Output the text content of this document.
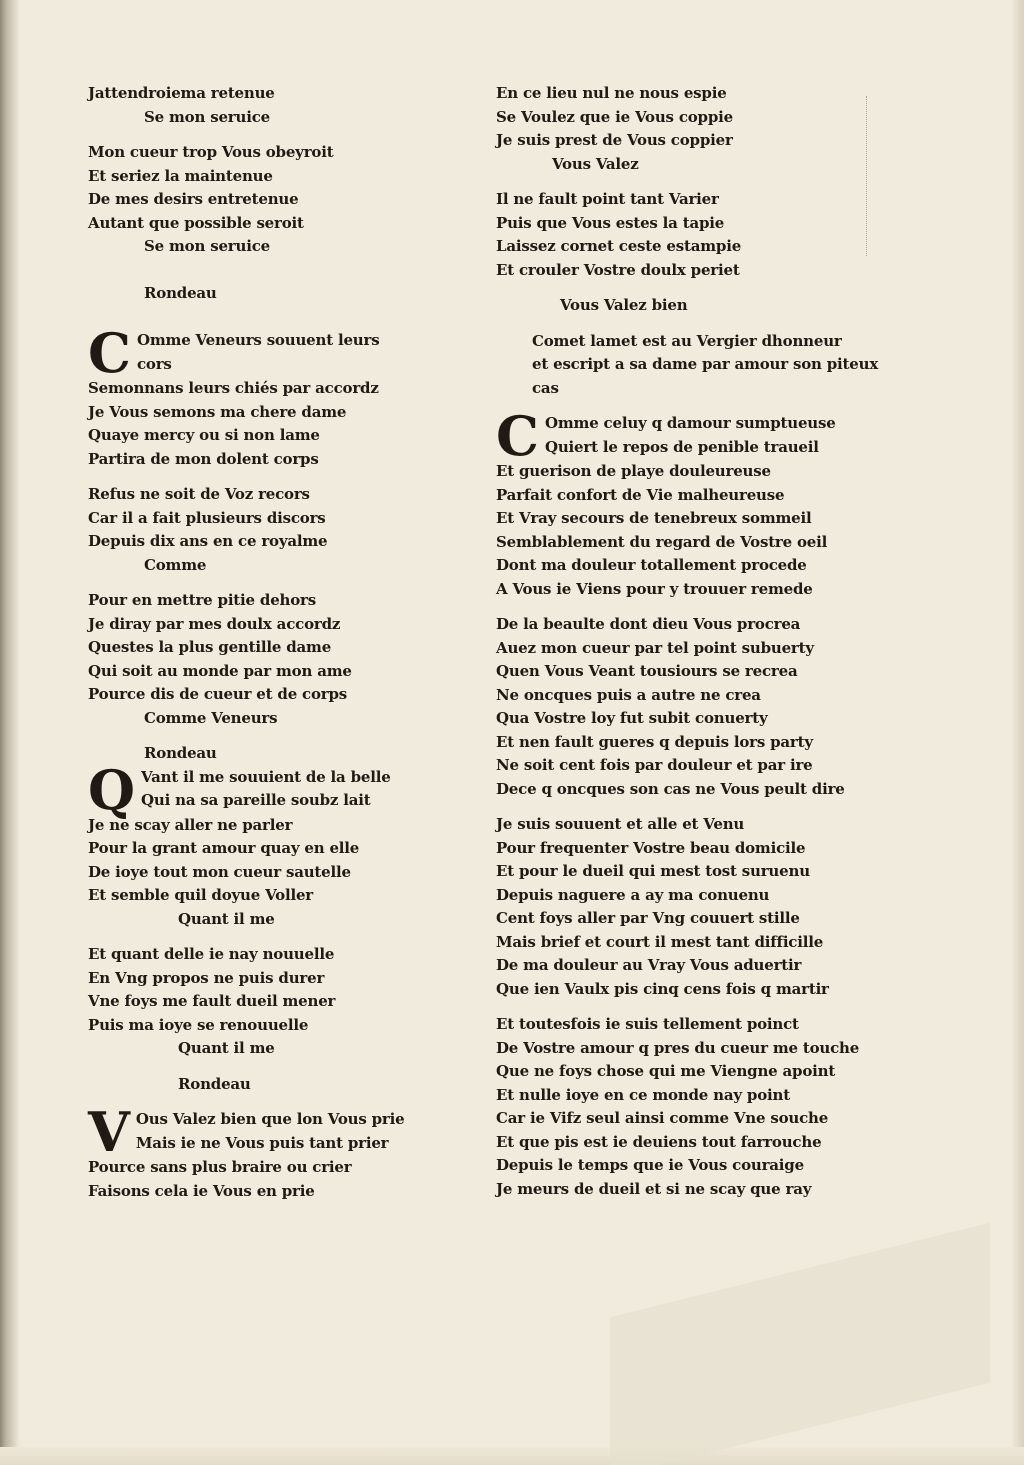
Jattendroiema retenue
Se mon seruice
Mon cueur trop Vous obeyroit
Et seriez la maintenue
De mes desirs entretenue
Autant que possible seroit
Se mon seruice
Rondeau
C Omme Veneurs souuent leurs
cors
Semonnans leurs chiés par accordz
Je Vous semons ma chere dame
Quaye mercy ou si non lame
Partira de mon dolent corps
Refus ne soit de Voz recors
Car il a fait plusieurs discors
Depuis dix ans en ce royalme
Comme
Pour en mettre pitie dehors
Je diray par mes doulx accordz
Questes la plus gentille dame
Qui soit au monde par mon ame
Pource dis de cueur et de corps
Comme Veneurs
Rondeau
Q Vant il me souuient de la belle
Qui na sa pareille soubz lait
Je ne scay aller ne parler
Pour la grant amour quay en elle
De ioye tout mon cueur sautelle
Et semble quil doyue Voller
Quant il me
Et quant delle ie nay nouuelle
En Vng propos ne puis durer
Vne foys me fault dueil mener
Puis ma ioye se renouuelle
Quant il me
Rondeau
V Ous Valez bien que lon Vous prie
Mais ie ne Vous puis tant prier
Pource sans plus braire ou crier
Faisons cela ie Vous en prie
En ce lieu nul ne nous espie
Se Voulez que ie Vous coppie
Je suis prest de Vous coppier
Vous Valez
Il ne fault point tant Varier
Puis que Vous estes la tapie
Laissez cornet ceste estampie
Et crouler Vostre doulx periet
Vous Valez bien
Comet lamet est au Vergier dhonneur
et escript a sa dame par amour son piteux
cas
C Omme celuy q damour sumptueuse
Quiert le repos de penible traueil
Et guerison de playe douleureuse
Parfait confort de Vie malheureuse
Et Vray secours de tenebreux sommeil
Semblablement du regard de Vostre oeil
Dont ma douleur totallement procede
A Vous ie Viens pour y trouuer remede
De la beaulte dont dieu Vous procrea
Auez mon cueur par tel point subuerty
Quen Vous Veant tousiours se recrea
Ne oncques puis a autre ne crea
Qua Vostre loy fut subit conuerty
Et nen fault gueres q depuis lors party
Ne soit cent fois par douleur et par ire
Dece q oncques son cas ne Vous peult dire
Je suis souuent et alle et Venu
Pour frequenter Vostre beau domicile
Et pour le dueil qui mest tost suruenu
Depuis naguere a ay ma conuenu
Cent foys aller par Vng couuert stille
Mais brief et court il mest tant difficille
De ma douleur au Vray Vous aduertir
Que ien Vaulx pis cinq cens fois q martir
Et toutesfois ie suis tellement poinct
De Vostre amour q pres du cueur me touche
Que ne foys chose qui me Viengne apoint
Et nulle ioye en ce monde nay point
Car ie Vifz seul ainsi comme Vne souche
Et que pis est ie deuiens tout farrouche
Depuis le temps que ie Vous couraige
Je meurs de dueil et si ne scay que ray
